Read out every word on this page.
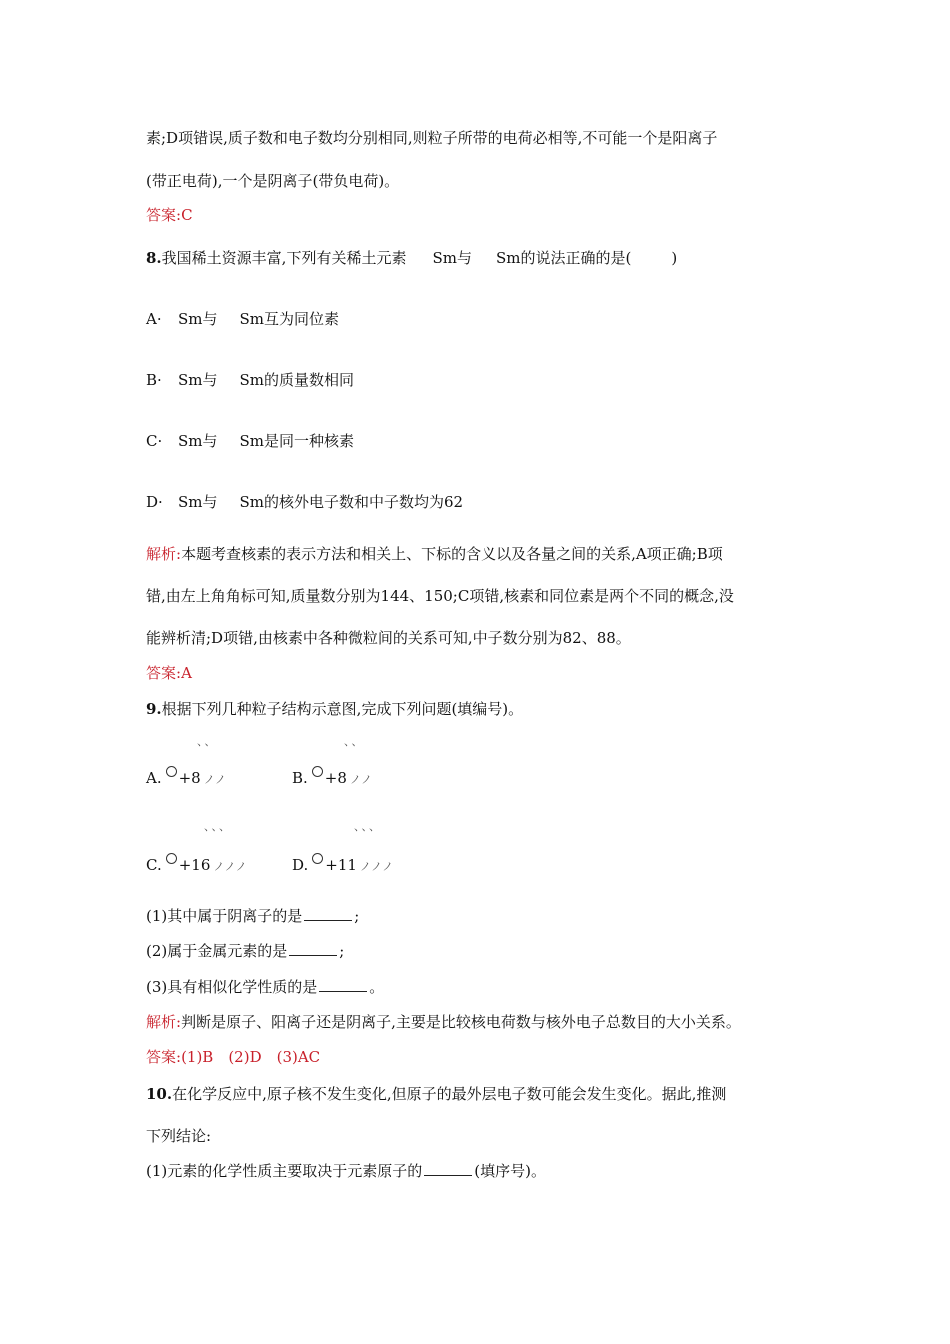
素;D项错误,质子数和电子数均分别相同,则粒子所带的电荷必相等,不可能一个是阳离子
(带正电荷),一个是阴离子(带负电荷)。
答案:C
8.我国稀土资源丰富,下列有关稀土元素 Sm与 Sm的说法正确的是(	)
A· Sm与 Sm互为同位素
B· Sm与 Sm的质量数相同
C· Sm与 Sm是同一种核素
D· Sm与 Sm的核外电子数和中子数均为62
解析:本题考查核素的表示方法和相关上、下标的含义以及各量之间的关系,A项正确;B项
错,由左上角角标可知,质量数分别为144、150;C项错,核素和同位素是两个不同的概念,没
能辨析清;D项错,由核素中各种微粒间的关系可知,中子数分别为82、88。
答案:A
9.根据下列几种粒子结构示意图,完成下列问题(填编号)。
、、
A. +8 ノノ
、、
B. +8 ノノ
、、、
C. +16 ノノノ
、、、
D. +11 ノノノ
(1)其中属于阴离子的是	;
(2)属于金属元素的是	;
(3)具有相似化学性质的是	。
解析:判断是原子、阳离子还是阴离子,主要是比较核电荷数与核外电子总数目的大小关系。
答案:(1)B　(2)D　(3)AC
10.在化学反应中,原子核不发生变化,但原子的最外层电子数可能会发生变化。据此,推测
下列结论:
(1)元素的化学性质主要取决于元素原子的	(填序号)。
